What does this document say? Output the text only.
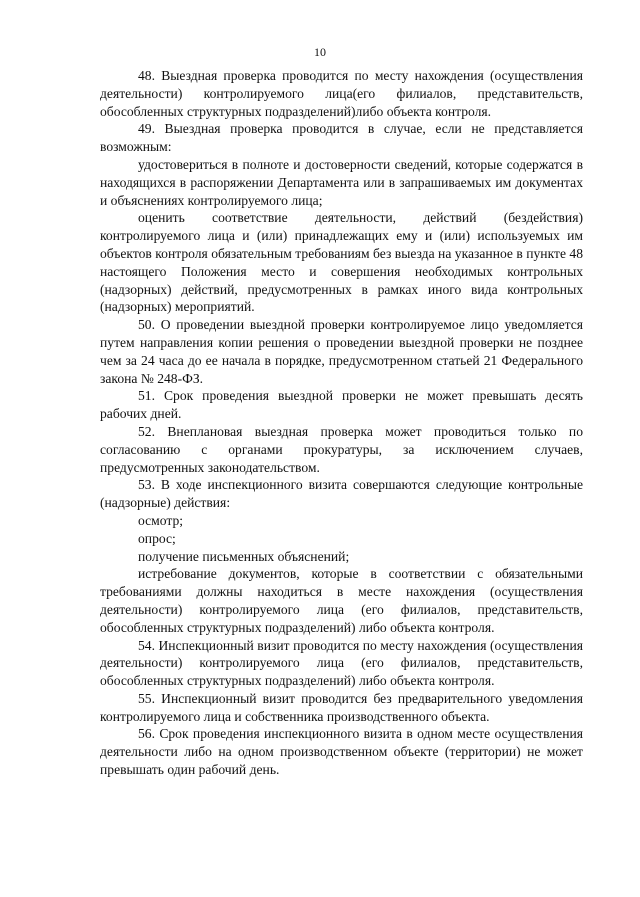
10

48. Выездная проверка проводится по месту нахождения (осуществления деятельности) контролируемого лица(его филиалов, представительств, обособленных структурных подразделений)либо объекта контроля.

49. Выездная проверка проводится в случае, если не представляется возможным:

удостовериться в полноте и достоверности сведений, которые содержатся в находящихся в распоряжении Департамента или в запрашиваемых им документах и объяснениях контролируемого лица;

оценить соответствие деятельности, действий (бездействия) контролируемого лица и (или) принадлежащих ему и (или) используемых им объектов контроля обязательным требованиям без выезда на указанное в пункте 48 настоящего Положения место и совершения необходимых контрольных (надзорных) действий, предусмотренных в рамках иного вида контрольных (надзорных) мероприятий.

50. О проведении выездной проверки контролируемое лицо уведомляется путем направления копии решения о проведении выездной проверки не позднее чем за 24 часа до ее начала в порядке, предусмотренном статьей 21 Федерального закона № 248-ФЗ.

51. Срок проведения выездной проверки не может превышать десять рабочих дней.

52. Внеплановая выездная проверка может проводиться только по согласованию с органами прокуратуры, за исключением случаев, предусмотренных законодательством.

53. В ходе инспекционного визита совершаются следующие контрольные (надзорные) действия:

осмотр;

опрос;

получение письменных объяснений;

истребование документов, которые в соответствии с обязательными требованиями должны находиться в месте нахождения (осуществления деятельности) контролируемого лица (его филиалов, представительств, обособленных структурных подразделений) либо объекта контроля.

54. Инспекционный визит проводится по месту нахождения (осуществления деятельности) контролируемого лица (его филиалов, представительств, обособленных структурных подразделений) либо объекта контроля.

55. Инспекционный визит проводится без предварительного уведомления контролируемого лица и собственника производственного объекта.

56. Срок проведения инспекционного визита в одном месте осуществления деятельности либо на одном производственном объекте (территории) не может превышать один рабочий день.
